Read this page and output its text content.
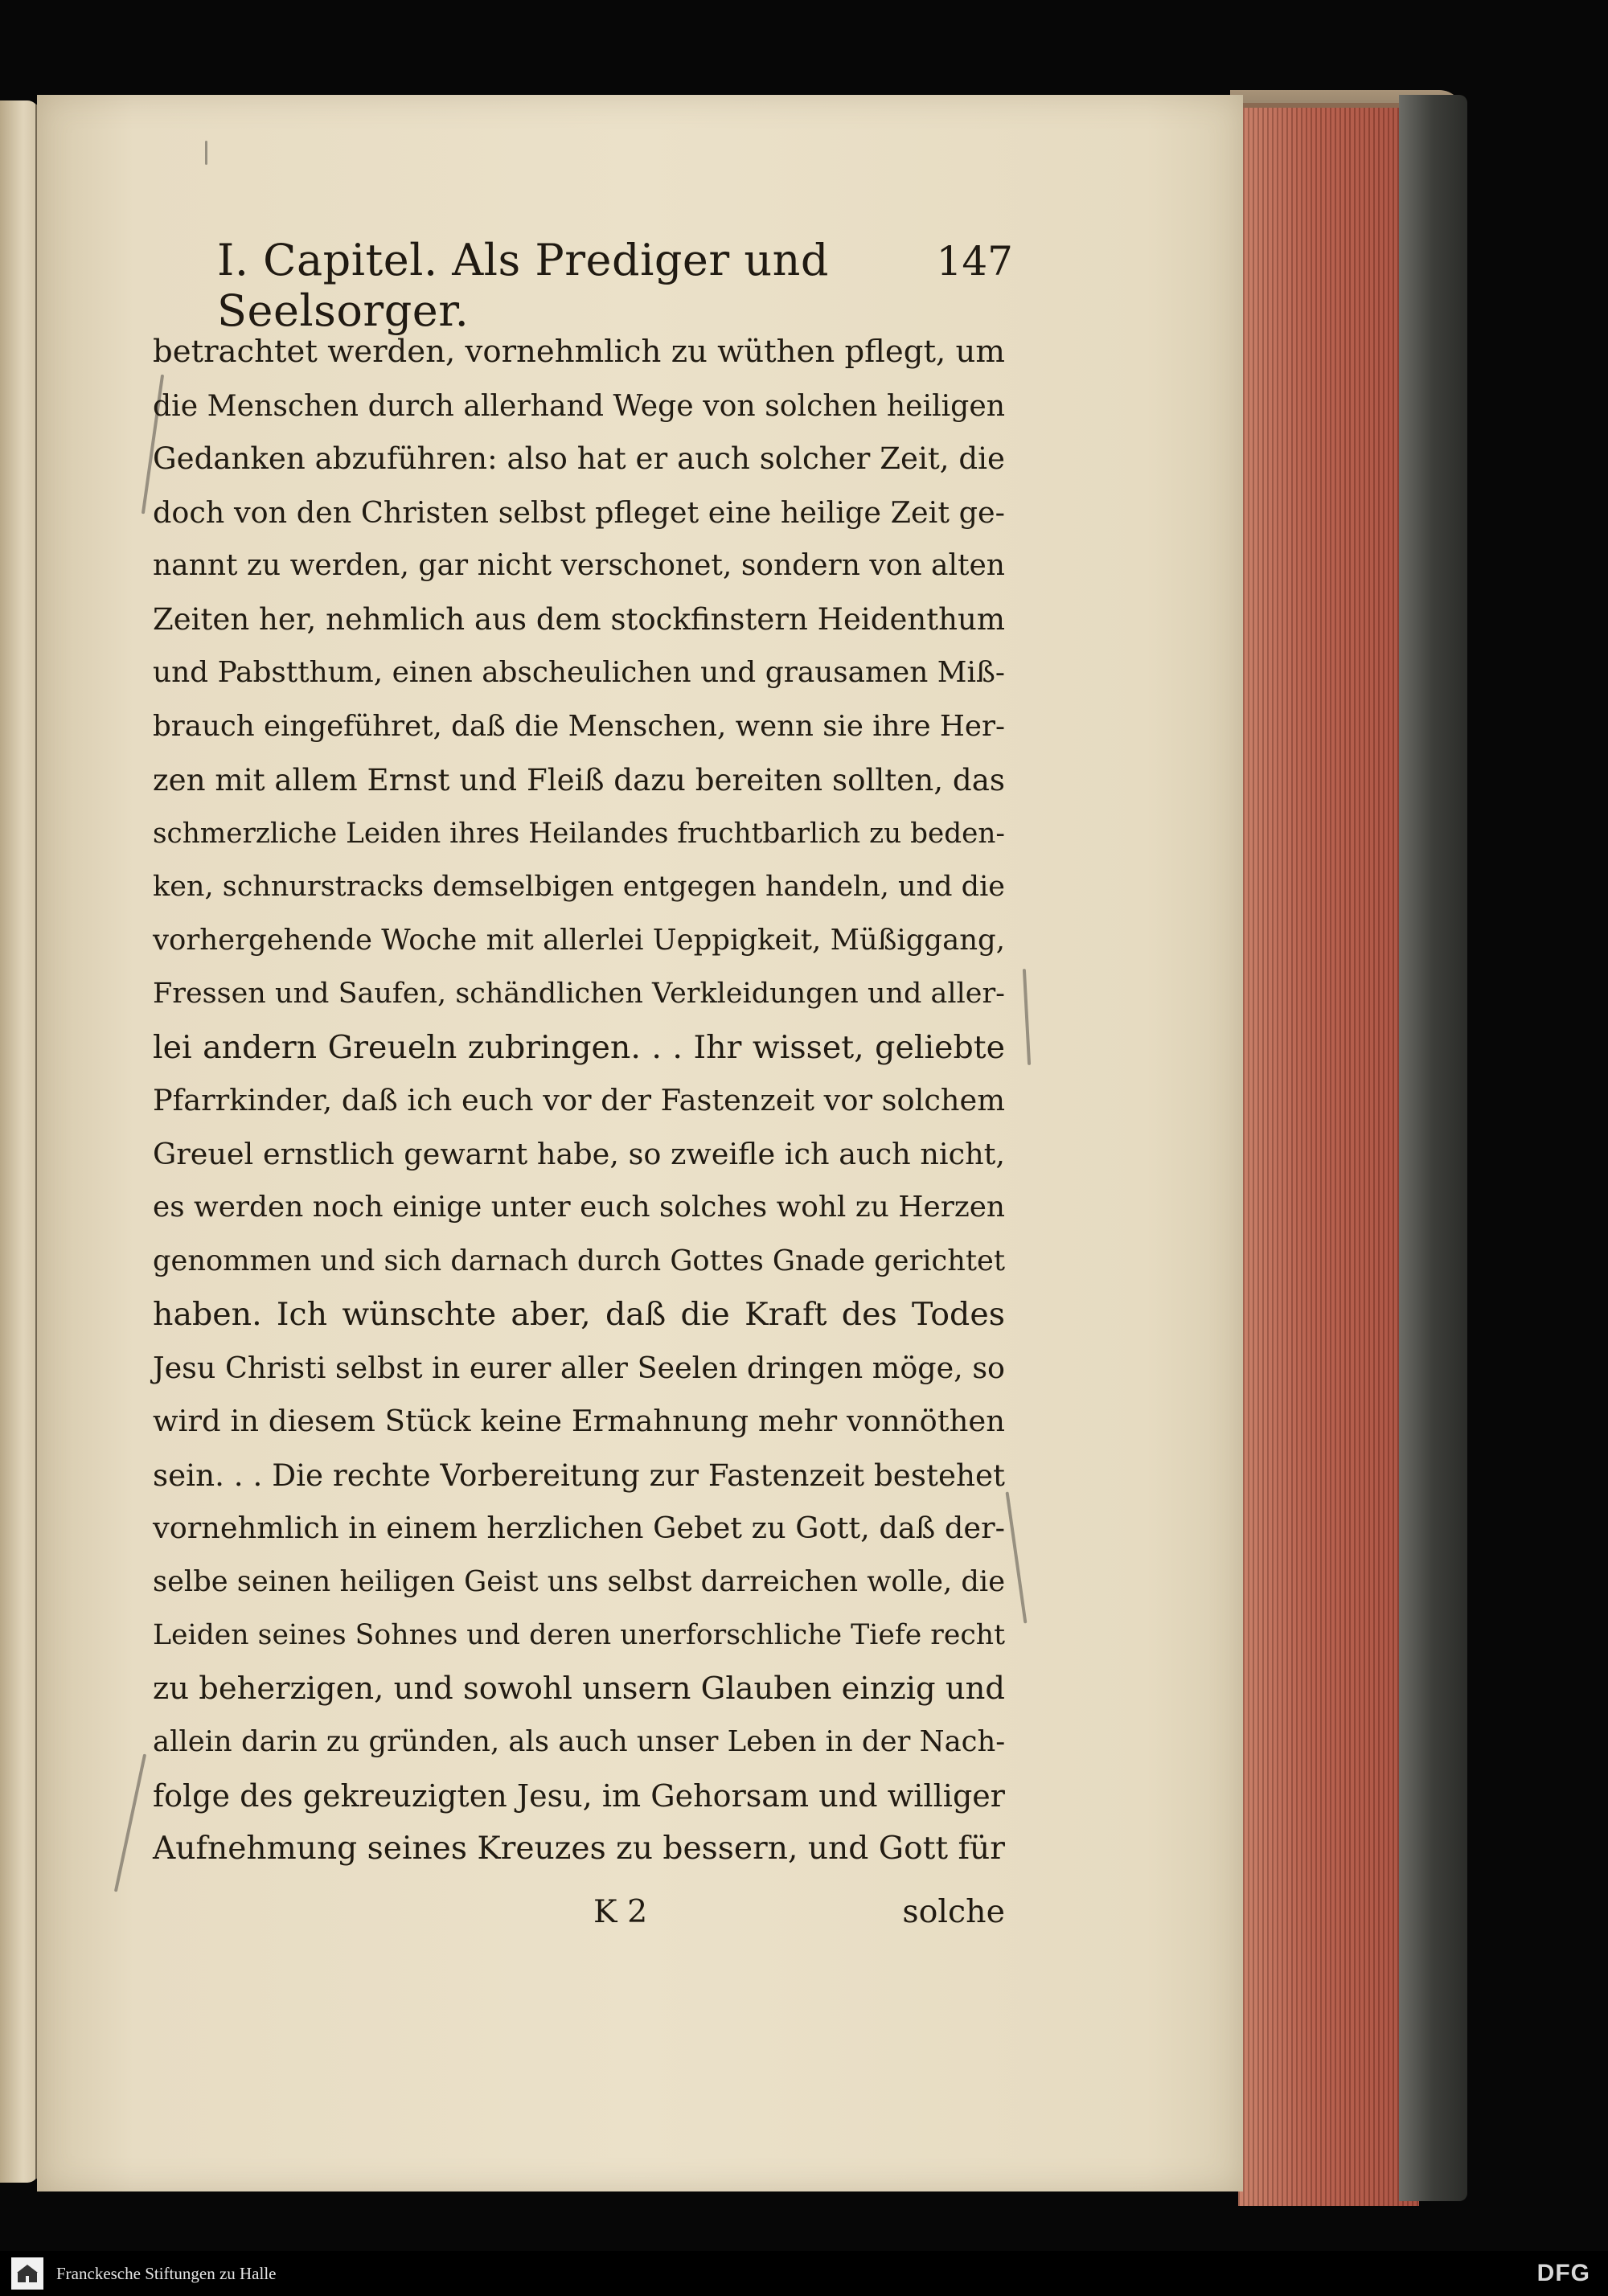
I. Capitel. Als Prediger und Seelsorger.
147
betrachtet werden, vornehmlich zu wüthen pflegt, um
die Menschen durch allerhand Wege von solchen heiligen
Gedanken abzuführen: also hat er auch solcher Zeit, die
doch von den Christen selbst pfleget eine heilige Zeit ge-
nannt zu werden, gar nicht verschonet, sondern von alten
Zeiten her, nehmlich aus dem stockfinstern Heidenthum
und Pabstthum, einen abscheulichen und grausamen Miß-
brauch eingeführet, daß die Menschen, wenn sie ihre Her-
zen mit allem Ernst und Fleiß dazu bereiten sollten, das
schmerzliche Leiden ihres Heilandes fruchtbarlich zu beden-
ken, schnurstracks demselbigen entgegen handeln, und die
vorhergehende Woche mit allerlei Ueppigkeit, Müßiggang,
Fressen und Saufen, schändlichen Verkleidungen und aller-
lei andern Greueln zubringen. . . Ihr wisset, geliebte
Pfarrkinder, daß ich euch vor der Fastenzeit vor solchem
Greuel ernstlich gewarnt habe, so zweifle ich auch nicht,
es werden noch einige unter euch solches wohl zu Herzen
genommen und sich darnach durch Gottes Gnade gerichtet
haben. Ich wünschte aber, daß die Kraft des Todes
Jesu Christi selbst in eurer aller Seelen dringen möge, so
wird in diesem Stück keine Ermahnung mehr vonnöthen
sein. . . Die rechte Vorbereitung zur Fastenzeit bestehet
vornehmlich in einem herzlichen Gebet zu Gott, daß der-
selbe seinen heiligen Geist uns selbst darreichen wolle, die
Leiden seines Sohnes und deren unerforschliche Tiefe recht
zu beherzigen, und sowohl unsern Glauben einzig und
allein darin zu gründen, als auch unser Leben in der Nach-
folge des gekreuzigten Jesu, im Gehorsam und williger
Aufnehmung seines Kreuzes zu bessern, und Gott für
K 2	solche
Franckesche Stiftungen zu Halle	DFG
